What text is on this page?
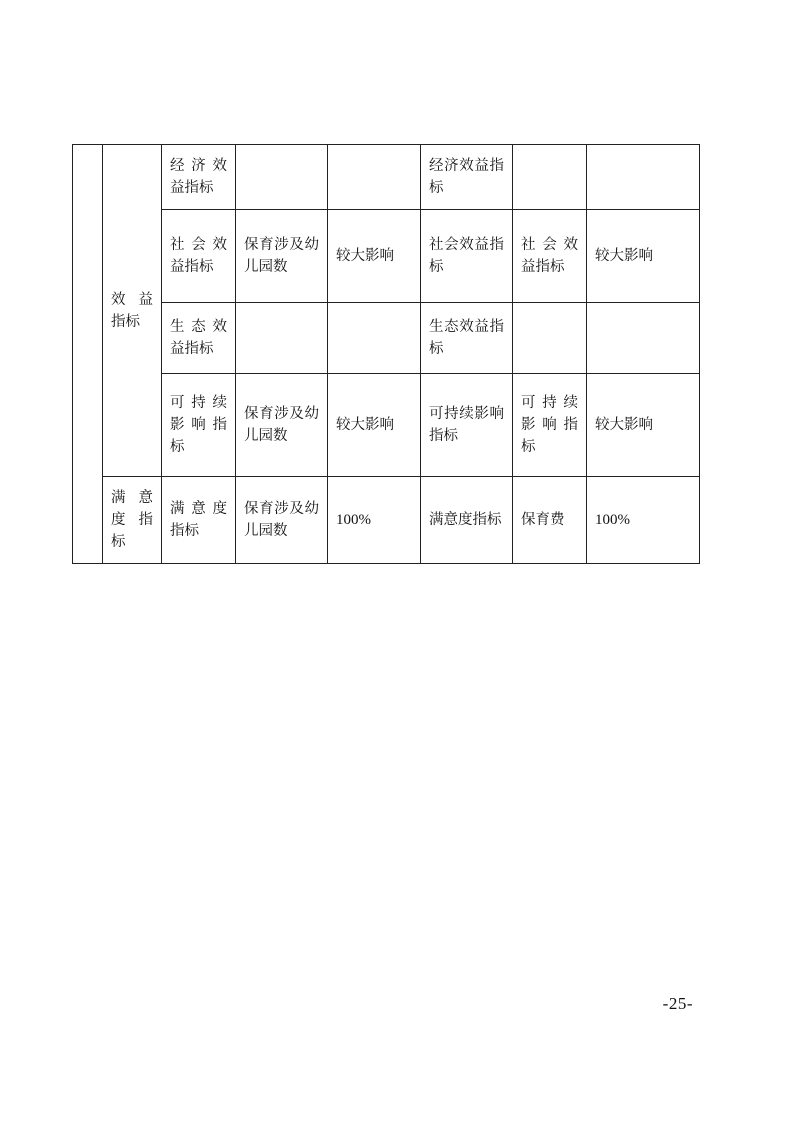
	效益指标	经济效益指标			经济效益指标		
		社会效益指标	保育涉及幼儿园数	较大影响	社会效益指标	社会效益指标	较大影响
		生态效益指标			生态效益指标		
		可持续影响指标	保育涉及幼儿园数	较大影响	可持续影响指标	可持续影响指标	较大影响
	满意度指标	满意度指标	保育涉及幼儿园数	100%	满意度指标	保育费	100%
-25-
